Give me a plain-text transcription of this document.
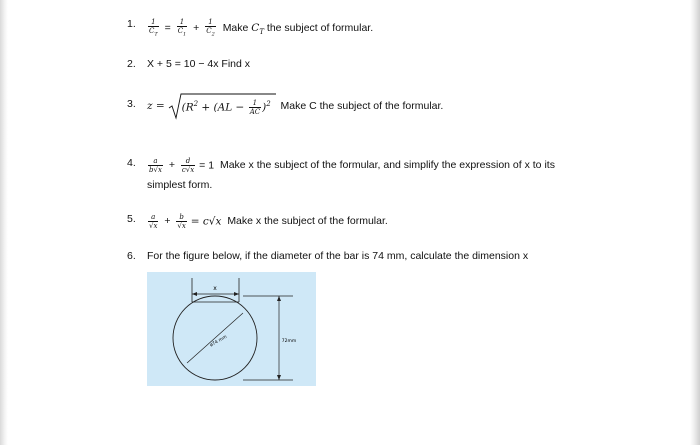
1. $\frac{1}{C_T} = \frac{1}{C_1} + \frac{1}{C_2}$ Make $C_T$ the subject of formular.
2. X + 5 = 10 − 4x Find x
3. $z = (R^2 + (AL - \frac{1}{AC} )^2$ Make C the subject of the formular.
4. $\frac{a}{b√x} + \frac{d}{c√x} = 1$ Make x the subject of the formular, and simplify the expression of x to its
simplest form.
5. $\frac{a}{√x} + \frac{b}{√x} = c√x$ Make x the subject of the formular.
6. For the figure below, if the diameter of the bar is 74 mm, calculate the dimension x
x
ø74 mm	72mm
